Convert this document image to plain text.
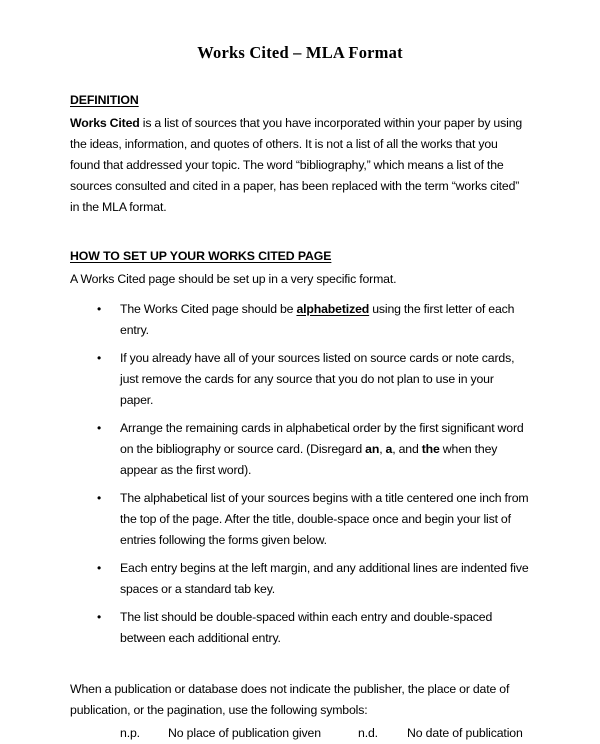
Works Cited – MLA Format
DEFINITION

Works Cited is a list of sources that you have incorporated within your paper by using the ideas, information, and quotes of others. It is not a list of all the works that you found that addressed your topic. The word “bibliography,” which means a list of the sources consulted and cited in a paper, has been replaced with the term “works cited” in the MLA format.

HOW TO SET UP YOUR WORKS CITED PAGE

A Works Cited page should be set up in a very specific format.

• The Works Cited page should be alphabetized using the first letter of each entry.
• If you already have all of your sources listed on source cards or note cards, just remove the cards for any source that you do not plan to use in your paper.
• Arrange the remaining cards in alphabetical order by the first significant word on the bibliography or source card. (Disregard an, a, and the when they appear as the first word).
• The alphabetical list of your sources begins with a title centered one inch from the top of the page. After the title, double-space once and begin your list of entries following the forms given below.
• Each entry begins at the left margin, and any additional lines are indented five spaces or a standard tab key.
• The list should be double-spaced within each entry and double-spaced between each additional entry.

When a publication or database does not indicate the publisher, the place or date of publication, or the pagination, use the following symbols:

n.p. No place of publication given	n.d. No date of publication
